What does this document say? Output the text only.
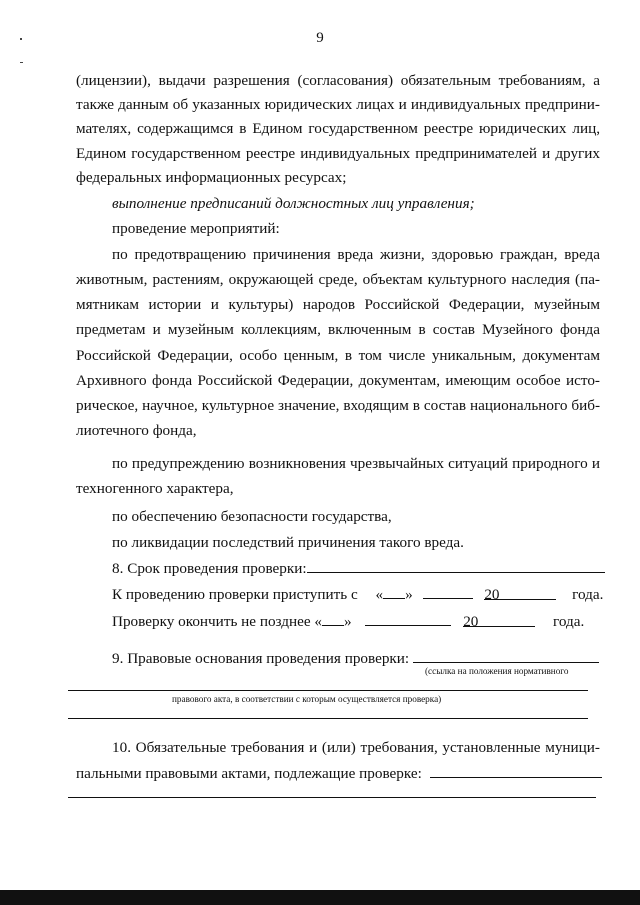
9
(лицензии), выдачи разрешения (согласования) обязательным требованиям, а
также данным об указанных юридических лицах и индивидуальных предприни-
мателях, содержащимся в Едином государственном реестре юридических лиц,
Едином государственном реестре индивидуальных предпринимателей и других
федеральных информационных ресурсах;
выполнение предписаний должностных лиц управления;
проведение мероприятий:
по предотвращению причинения вреда жизни, здоровью граждан, вреда
животным, растениям, окружающей среде, объектам культурного наследия (па-
мятникам истории и культуры) народов Российской Федерации, музейным
предметам и музейным коллекциям, включенным в состав Музейного фонда
Российской Федерации, особо ценным, в том числе уникальным, документам
Архивного фонда Российской Федерации, документам, имеющим особое исто-
рическое, научное, культурное значение, входящим в состав национального биб-
лиотечного фонда,
по предупреждению возникновения чрезвычайных ситуаций природного и
техногенного характера,
по обеспечению безопасности государства,
по ликвидации последствий причинения такого вреда.
8. Срок проведения проверки:
К проведению проверки приступить с « »	20	года.
Проверку окончить не позднее « »	20	года.
9. Правовые основания проведения проверки:
(ссылка на положения нормативного
правового акта, в соответствии с которым осуществляется проверка)
10. Обязательные требования и (или) требования, установленные муници-
пальными правовыми актами, подлежащие проверке:
